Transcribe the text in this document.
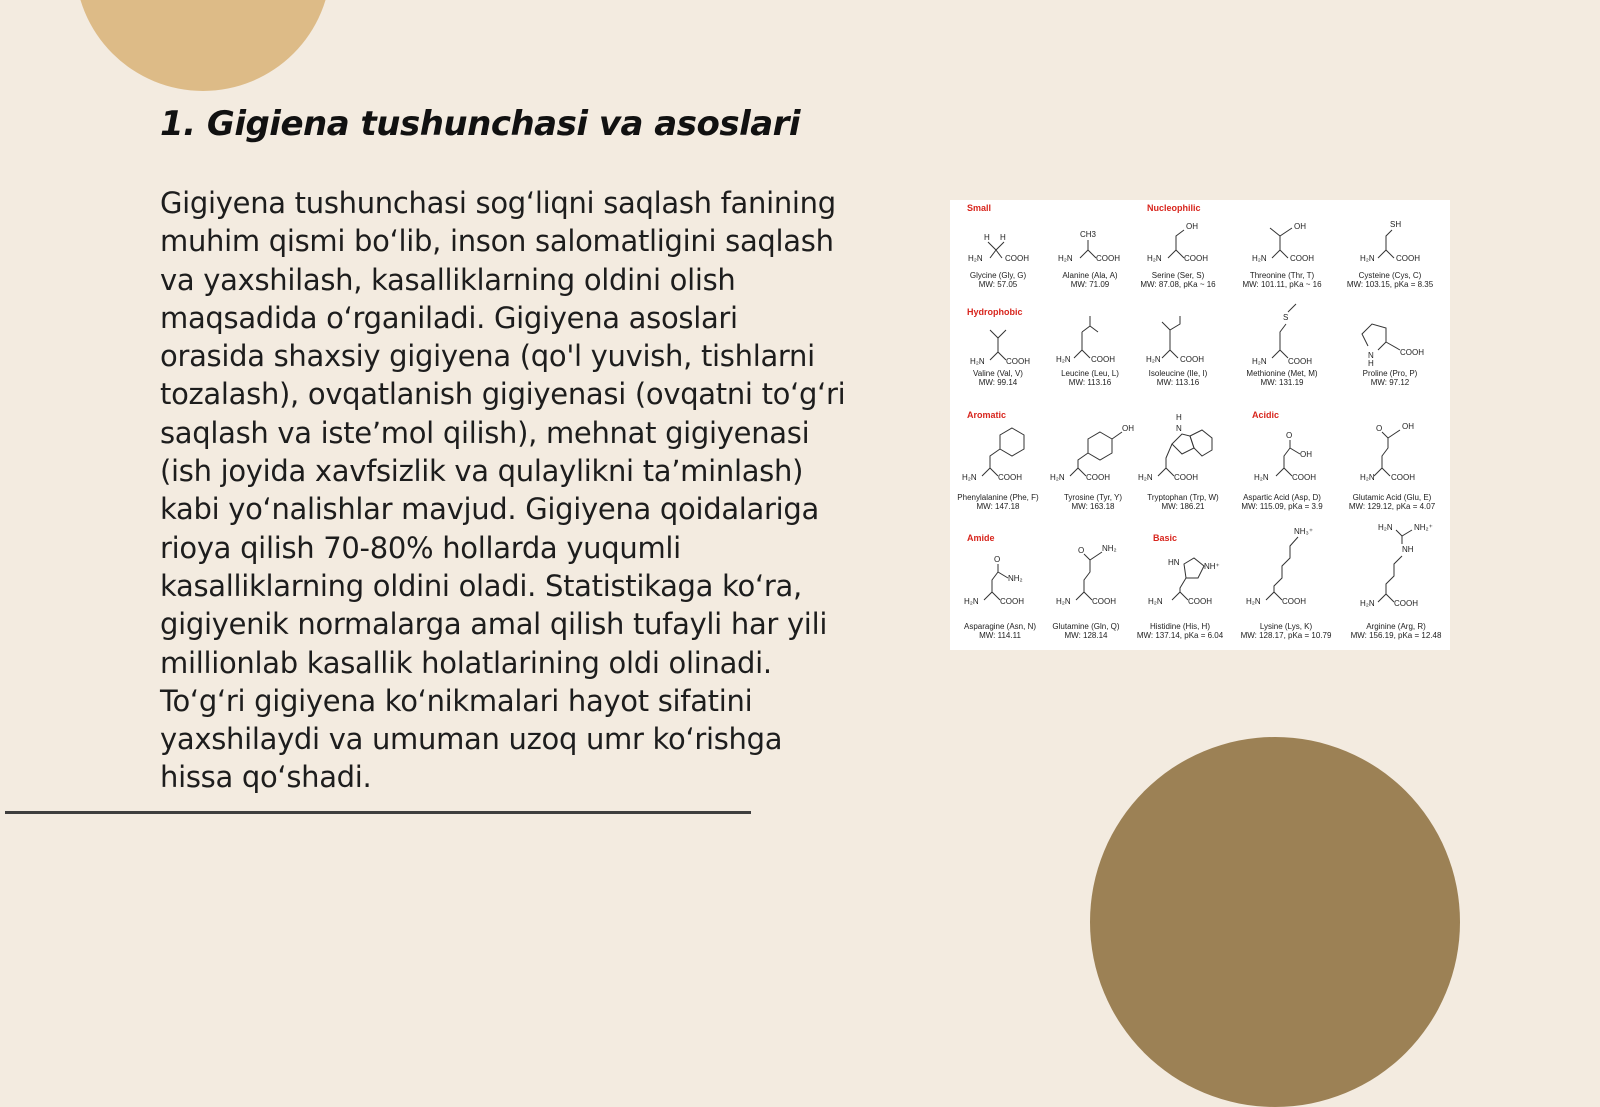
1. Gigiena tushunchasi va asoslari

Gigiyena tushunchasi sog‘liqni saqlash fanining muhim qismi bo‘lib, inson salomatligini saqlash va yaxshilash, kasalliklarning oldini olish maqsadida o‘rganiladi. Gigiyena asoslari orasida shaxsiy gigiyena (qo'l yuvish, tishlarni tozalash), ovqatlanish gigiyenasi (ovqatni to‘g‘ri saqlash va iste’mol qilish), mehnat gigiyenasi (ish joyida xavfsizlik va qulaylikni ta’minlash) kabi yo‘nalishlar mavjud. Gigiyena qoidalariga rioya qilish 70-80% hollarda yuqumli kasalliklarning oldini oladi. Statistikaga ko‘ra, gigiyenik normalarga amal qilish tufayli har yili millionlab kasallik holatlarining oldi olinadi. To‘g‘ri gigiyena ko‘nikmalari hayot sifatini yaxshilaydi va umuman uzoq umr ko‘rishga hissa qo‘shadi.

Small	Nucleophilic
Hydrophobic
Aromatic	Acidic
Amide	Basic
H H
H₂N	COOH
CH3
H₂N	COOH
OH
H₂N	COOH
OH
H₂N	COOH
SH
H₂N	COOH
Glycine (Gly, G)
MW: 57.05
Alanine (Ala, A)
MW: 71.09
Serine (Ser, S)
MW: 87.08, pKa ~ 16
Threonine (Thr, T)
MW: 101.11, pKa ~ 16
Cysteine (Cys, C)
MW: 103.15, pKa = 8.35
H₂N	COOH	H₂N	COOH	H₂N COOH
S
H₂N	COOH
N
H
COOH
Valine (Val, V)
MW: 99.14
Leucine (Leu, L)
MW: 113.16
Isoleucine (Ile, I)
MW: 113.16
Methionine (Met, M)
MW: 131.19
Proline (Pro, P)
MW: 97.12
H₂N	COOH
OH
H₂N	COOH
H
N
H₂N	COOH
O
OH
H₂N	COOH
O OH
H₂N COOH
Phenylalanine (Phe, F)
MW: 147.18
Tyrosine (Tyr, Y)
MW: 163.18
Tryptophan (Trp, W)
MW: 186.21
Aspartic Acid (Asp, D)
MW: 115.09, pKa = 3.9
Glutamic Acid (Glu, E)
MW: 129.12, pKa = 4.07
O
NH₂
H₂N	COOH
O NH₂
H₂N	COOH
HN	NH⁺
H₂N	COOH
NH₃⁺
H₂N	COOH
H₂N	NH₂⁺
NH
H₂N COOH
Asparagine (Asn, N)
MW: 114.11
Glutamine (Gln, Q)
MW: 128.14
Histidine (His, H)
MW: 137.14, pKa = 6.04
Lysine (Lys, K)
MW: 128.17, pKa = 10.79
Arginine (Arg, R)
MW: 156.19, pKa = 12.48
